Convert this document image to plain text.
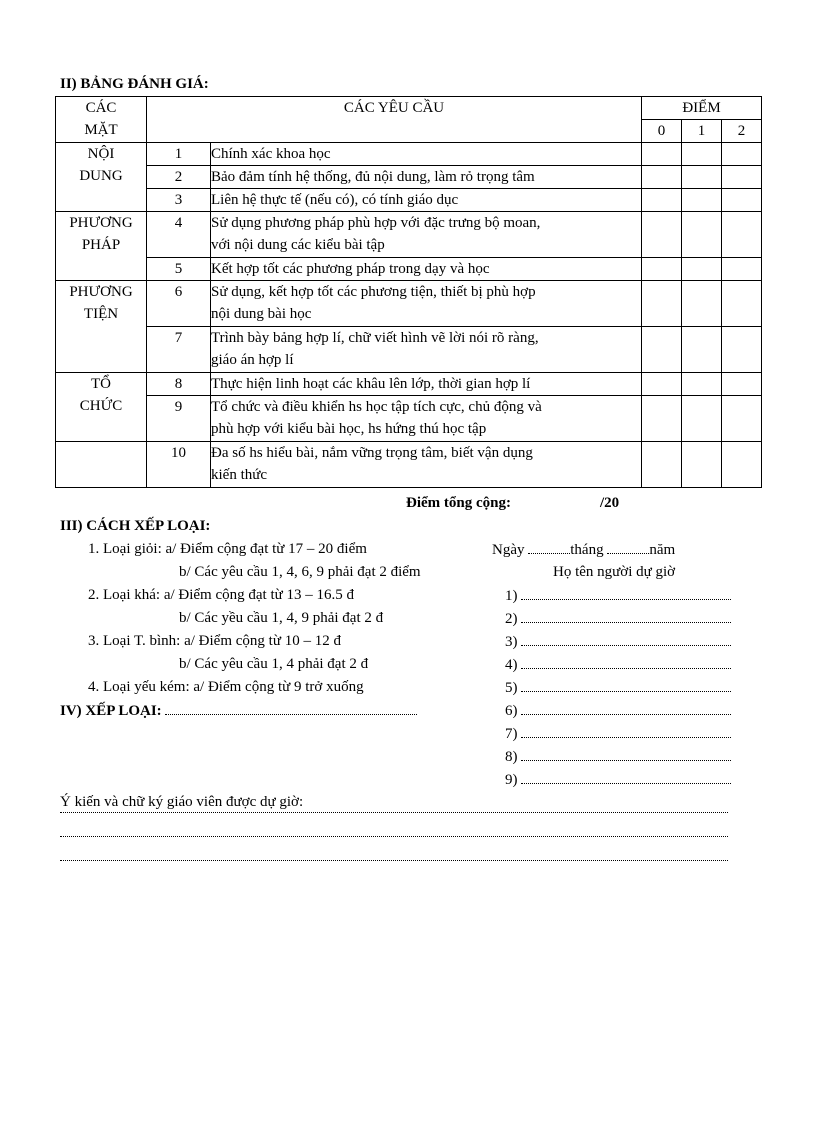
II) BẢNG ĐÁNH GIÁ:
CÁC
MẶT	CÁC YÊU CẦU		ĐIỂM		
			0	1	2
NỘI
DUNG	1	Chính xác khoa học			
	2	Bảo đảm tính hệ thống, đủ nội dung, làm rỏ trọng tâm			
	3	Liên hệ thực tế (nếu có), có tính giáo dục			
PHƯƠNG
PHÁP	4	Sử dụng phương pháp phù hợp với đặc trưng bộ moan,
với nội dung các kiểu bài tập			
	5	Kết hợp tốt các phương pháp trong dạy và học			
PHƯƠNG
TIỆN	6	Sử dụng, kết hợp tốt các phương tiện, thiết bị phù hợp
nội dung bài học			
	7	Trình bày bảng hợp lí, chữ viết hình vẽ lời nói rõ ràng,
giáo án hợp lí			
TỔ
CHỨC	8	Thực hiện linh hoạt các khâu lên lớp, thời gian hợp lí			
	9	Tổ chức và điều khiển hs học tập tích cực, chủ động và
phù hợp với kiểu bài học, hs hứng thú học tập			
	10	Đa số hs hiểu bài, nắm vững trọng tâm, biết vận dụng
kiến thức			
Điểm tổng cộng:	/20
III) CÁCH XẾP LOẠI:
1. Loại giỏi: a/ Điểm cộng đạt từ 17 – 20 điểm
b/ Các yêu cầu 1, 4, 6, 9 phải đạt 2 điểm
2. Loại khá: a/ Điểm cộng đạt từ 13 – 16.5 đ
b/ Các yều cầu 1, 4, 9 phải đạt 2 đ
3. Loại T. bình: a/ Điểm cộng từ 10 – 12 đ
b/ Các yêu cầu 1, 4 phải đạt 2 đ
4. Loại yếu kém: a/ Điểm cộng từ 9 trở xuống
IV) XẾP LOẠI:
Ngày	tháng	năm
Họ tên người dự giờ
1)
2)
3)
4)
5)
6)
7)
8)
9)
Ý kiến và chữ ký giáo viên được dự giờ:
